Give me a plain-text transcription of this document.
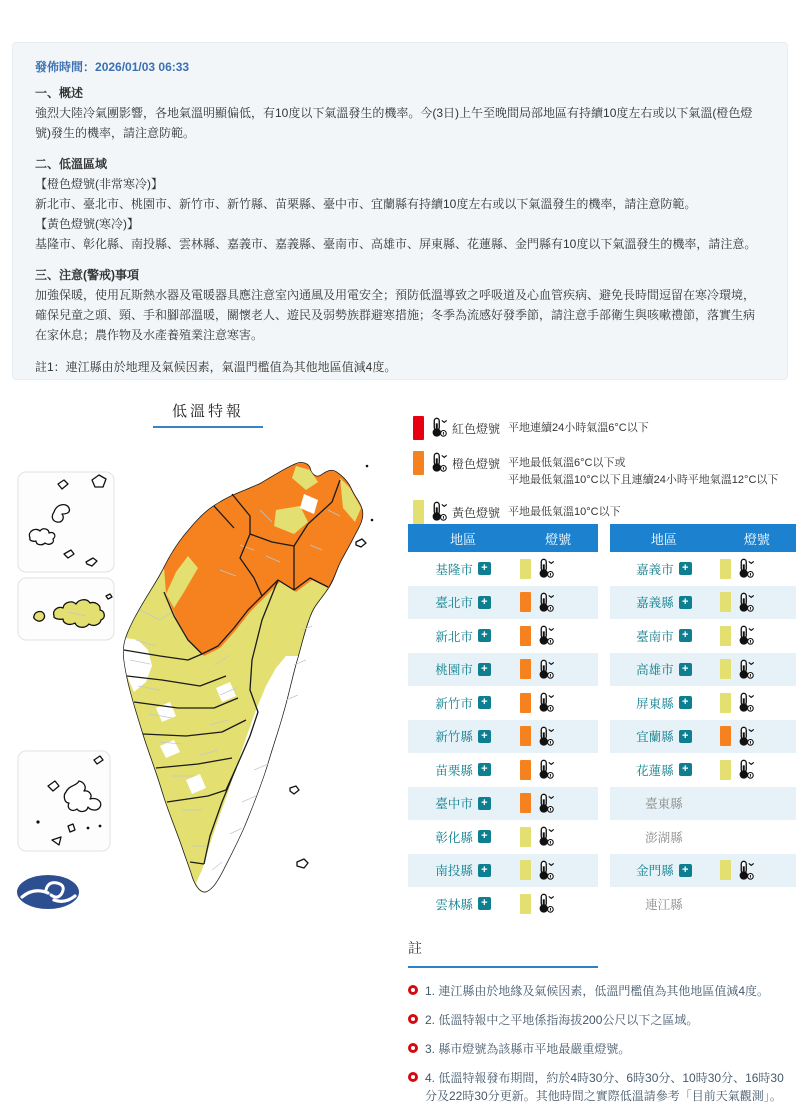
發佈時間：2026/01/03 06:33
一、概述
強烈大陸冷氣團影響，各地氣溫明顯偏低，有10度以下氣溫發生的機率。今(3日)上午至晚間局部地區有持續10度左右或以下氣溫(橙色燈號)發生的機率，請注意防範。
二、低溫區域
【橙色燈號(非常寒冷)】
新北市、臺北市、桃園市、新竹市、新竹縣、苗栗縣、臺中市、宜蘭縣有持續10度左右或以下氣溫發生的機率，請注意防範。
【黃色燈號(寒冷)】
基隆市、彰化縣、南投縣、雲林縣、嘉義市、嘉義縣、臺南市、高雄市、屏東縣、花蓮縣、金門縣有10度以下氣溫發生的機率，請注意。
三、注意(警戒)事項
加強保暖，使用瓦斯熱水器及電暖器具應注意室內通風及用電安全；預防低溫導致之呼吸道及心血管疾病、避免長時間逗留在寒冷環境，確保兒童之頭、頸、手和腳部溫暖，關懷老人、遊民及弱勢族群避寒措施；冬季為流感好發季節，請注意手部衛生與咳嗽禮節，落實生病在家休息；農作物及水產養殖業注意寒害。
註1：連江縣由於地理及氣候因素，氣溫門檻值為其他地區值減4度。
低溫特報
紅色燈號 平地連續24小時氣溫6°C以下
橙色燈號 平地最低氣溫6°C以下或
平地最低氣溫10°C以下且連續24小時平地氣溫12°C以下
黃色燈號 平地最低氣溫10°C以下
地區	燈號
基隆市 +
臺北市 +
新北市 +
桃園市 +
新竹市 +
新竹縣 +
苗栗縣 +
臺中市 +
彰化縣 +
南投縣 +
雲林縣 +
地區	燈號
嘉義市 +
嘉義縣 +
臺南市 +
高雄市 +
屏東縣 +
宜蘭縣 +
花蓮縣 +
臺東縣
澎湖縣
金門縣 +
連江縣
註
1. 連江縣由於地緣及氣候因素，低溫門檻值為其他地區值減4度。
2. 低溫特報中之平地係指海拔200公尺以下之區域。
3. 縣市燈號為該縣市平地最嚴重燈號。
4. 低溫特報發布期間，約於4時30分、6時30分、10時30分、16時30分及22時30分更新。其他時間之實際低溫請參考「目前天氣觀測」。
